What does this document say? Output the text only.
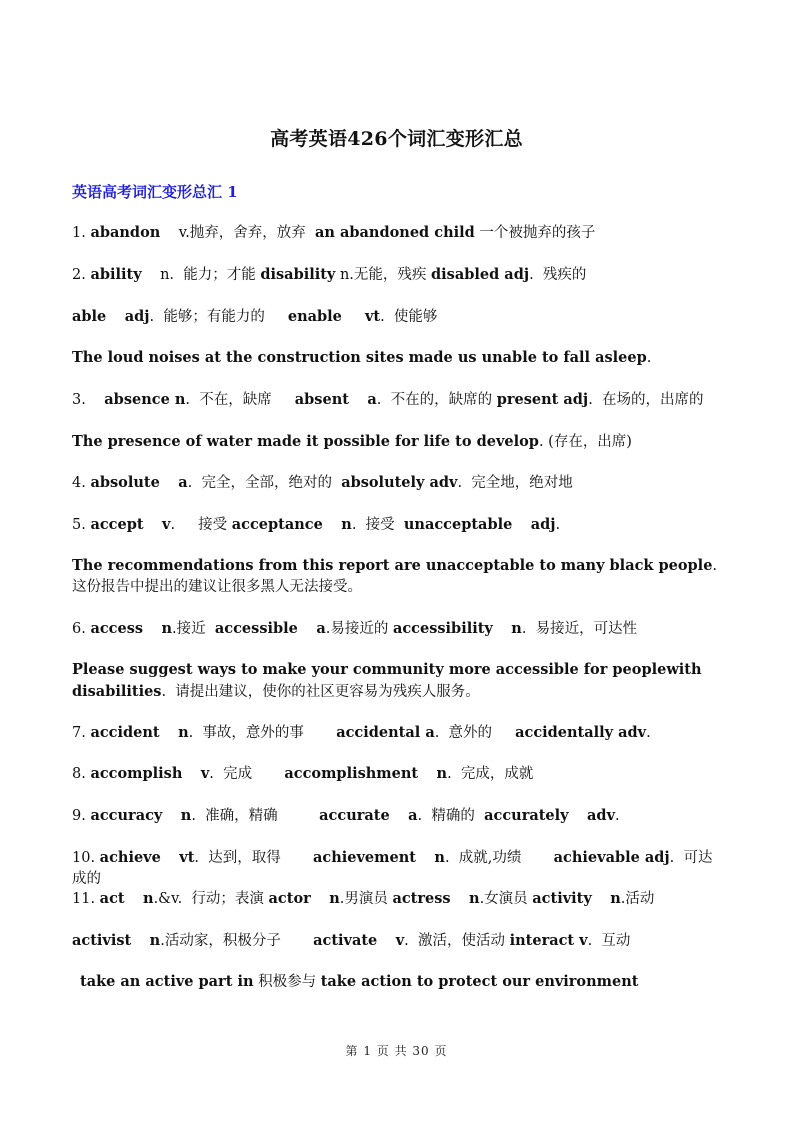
高考英语426个词汇变形汇总
英语高考词汇变形总汇 1

1. abandon    v.抛弃，舍弃，放弃  an abandoned child 一个被抛弃的孩子

2. ability    n.  能力；才能 disability n.无能，残疾 disabled adj.  残疾的

able adj.  能够；有能力的     enable vt.  使能够

The loud noises at the construction sites made us unable to fall asleep.

3.    absence n.  不在，缺席     absent a.  不在的，缺席的 present adj.  在场的，出席的

The presence of water made it possible for life to develop. (存在，出席)

4. absolute a.  完全，全部，绝对的  absolutely adv.  完全地，绝对地

5. accept v.     接受 acceptance n.  接受  unacceptable adj.

The recommendations from this report are unacceptable to many black people.  这份报告中提出的建议让很多黑人无法接受。

6. access n.接近  accessible a.易接近的 accessibility n.  易接近，可达性

Please suggest ways to make your community more accessible for peoplewith disabilities.  请提出建议，使你的社区更容易为残疾人服务。

7. accident n.  事故，意外的事       accidental a.  意外的     accidentally adv.

8. accomplish v.  完成       accomplishment n.  完成，成就

9. accuracy n.  准确，精确         accurate a.  精确的  accurately adv.

10. achieve vt.  达到，取得       achievement n.  成就,功绩       achievable adj.  可达成的

11. act n.&v.  行动；表演 actor n.男演员 actress n.女演员 activity n.活动

activist n.活动家，积极分子       activate v.  激活，使活动 interact v.  互动

take an active part in 积极参与 take action to protect our environment

第 1 页 共 30 页
